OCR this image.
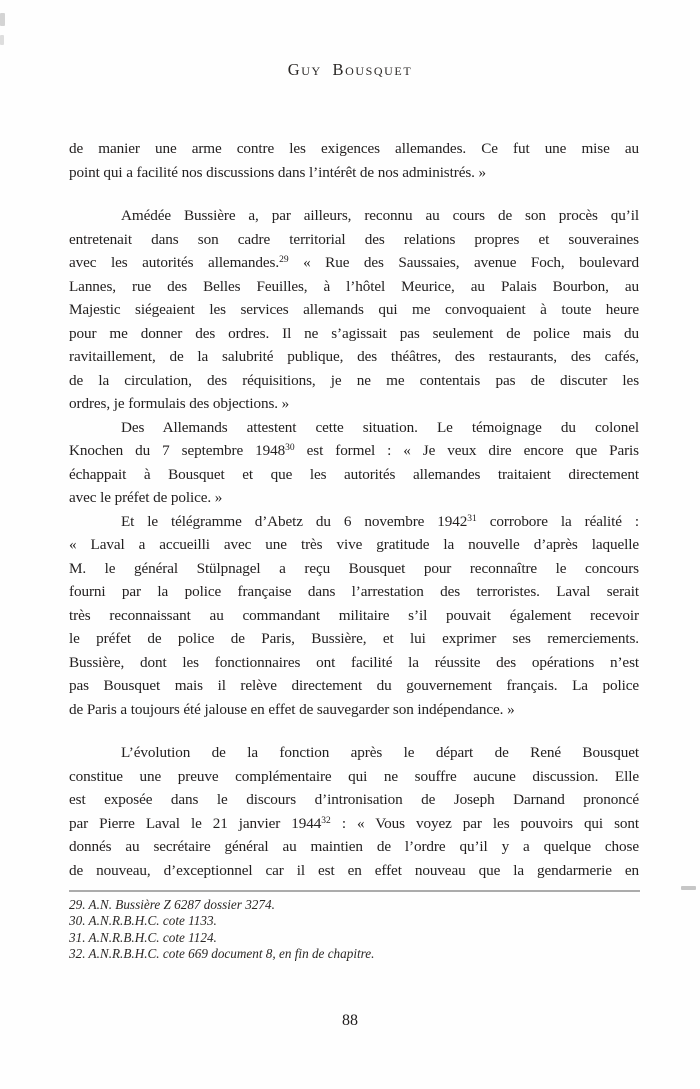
Guy Bousquet
de manier une arme contre les exigences allemandes. Ce fut une mise au
point qui a facilité nos discussions dans l’intérêt de nos administrés. »
Amédée Bussière a, par ailleurs, reconnu au cours de son procès qu’il
entretenait dans son cadre territorial des relations propres et souveraines
avec les autorités allemandes.$^{29}$ « Rue des Saussaies, avenue Foch, boulevard
Lannes, rue des Belles Feuilles, à l’hôtel Meurice, au Palais Bourbon, au
Majestic siégeaient les services allemands qui me convoquaient à toute heure
pour me donner des ordres. Il ne s’agissait pas seulement de police mais du
ravitaillement, de la salubrité publique, des théâtres, des restaurants, des cafés,
de la circulation, des réquisitions, je ne me contentais pas de discuter les
ordres, je formulais des objections. »
Des Allemands attestent cette situation. Le témoignage du colonel
Knochen du 7 septembre 1948$^{30}$ est formel : « Je veux dire encore que Paris
échappait à Bousquet et que les autorités allemandes traitaient directement
avec le préfet de police. »
Et le télégramme d’Abetz du 6 novembre 1942$^{31}$ corrobore la réalité :
« Laval a accueilli avec une très vive gratitude la nouvelle d’après laquelle
M. le général Stülpnagel a reçu Bousquet pour reconnaître le concours
fourni par la police française dans l’arrestation des terroristes. Laval serait
très reconnaissant au commandant militaire s’il pouvait également recevoir
le préfet de police de Paris, Bussière, et lui exprimer ses remerciements.
Bussière, dont les fonctionnaires ont facilité la réussite des opérations n’est
pas Bousquet mais il relève directement du gouvernement français. La police
de Paris a toujours été jalouse en effet de sauvegarder son indépendance. »
L’évolution de la fonction après le départ de René Bousquet
constitue une preuve complémentaire qui ne souffre aucune discussion. Elle
est exposée dans le discours d’intronisation de Joseph Darnand prononcé
par Pierre Laval le 21 janvier 1944$^{32}$ : « Vous voyez par les pouvoirs qui sont
donnés au secrétaire général au maintien de l’ordre qu’il y a quelque chose
de nouveau, d’exceptionnel car il est en effet nouveau que la gendarmerie en
29. A.N. Bussière Z 6287 dossier 3274.
30. A.N.R.B.H.C. cote 1133.
31. A.N.R.B.H.C. cote 1124.
32. A.N.R.B.H.C. cote 669 document 8, en fin de chapitre.
88
